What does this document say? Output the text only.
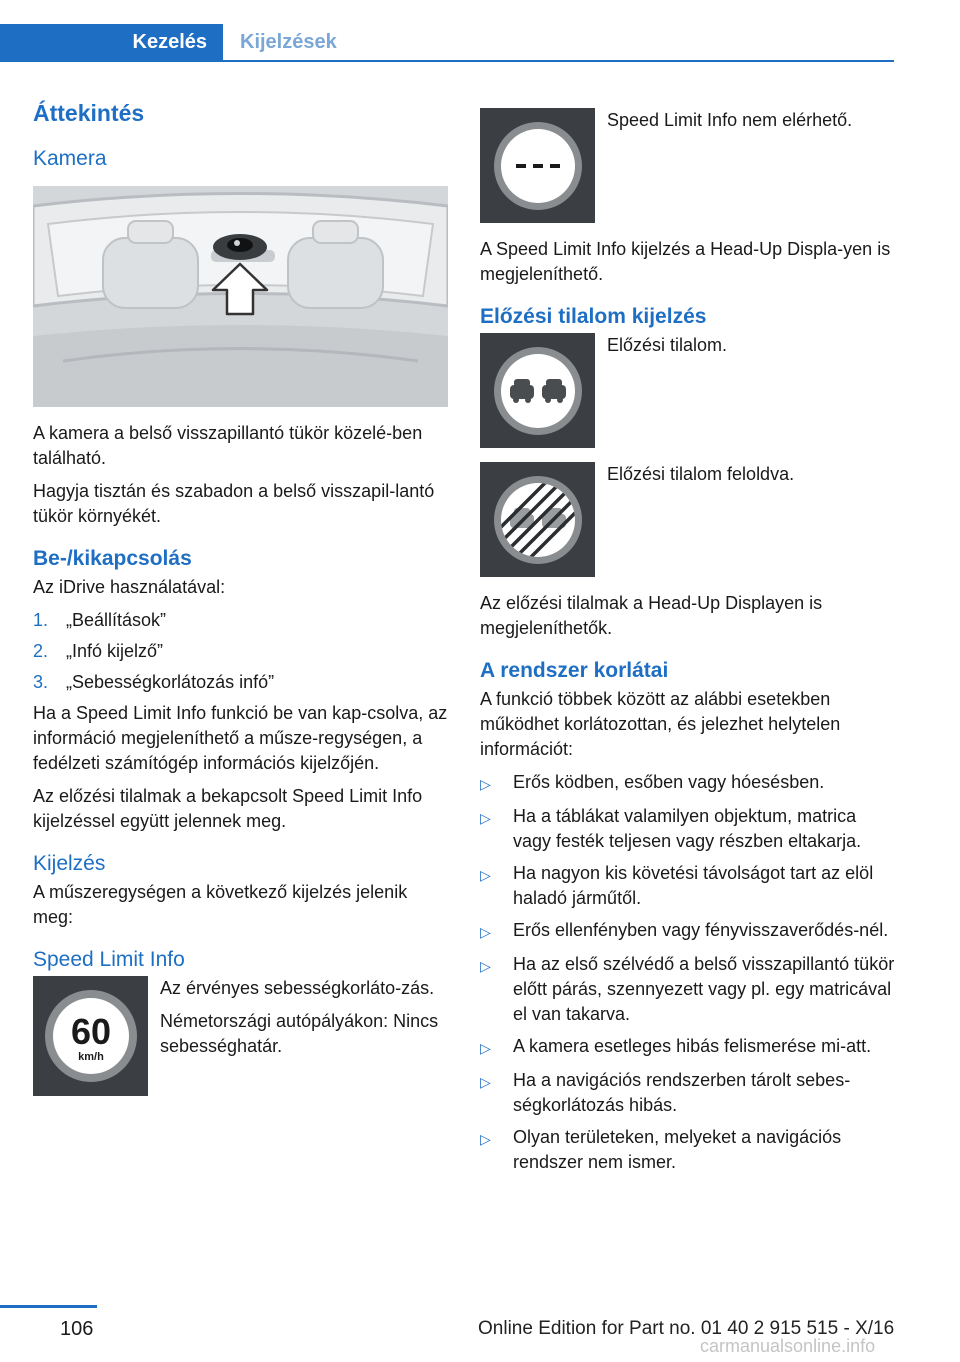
Kezelés	Kijelzések
Áttekintés
Kamera

A kamera a belső visszapillantó tükör közelé-ben található.

Hagyja tisztán és szabadon a belső visszapil-lantó tükör környékét.

Be-/kikapcsolás

Az iDrive használatával:

1. „Beállítások”
2. „Infó kijelző”
3. „Sebességkorlátozás infó”

Ha a Speed Limit Info funkció be van kap-csolva, az információ megjeleníthető a műsze-regységen, a fedélzeti számítógép információs kijelzőjén.

Az előzési tilalmak a bekapcsolt Speed Limit Info kijelzéssel együtt jelennek meg.

Kijelzés

A műszeregységen a következő kijelzés jelenik meg:

Speed Limit Info
60
km/h

Az érvényes sebességkorláto-zás.

Németországi autópályákon: Nincs sebességhatár.

Speed Limit Info nem elérhető.

A Speed Limit Info kijelzés a Head-Up Displa-yen is megjeleníthető.

Előzési tilalom kijelzés

Előzési tilalom.

Előzési tilalom feloldva.

Az előzési tilalmak a Head-Up Displayen is megjeleníthetők.

A rendszer korlátai

A funkció többek között az alábbi esetekben működhet korlátozottan, és jelezhet helytelen információt:

▷	Erős ködben, esőben vagy hóesésben.
▷	Ha a táblákat valamilyen objektum, matrica vagy festék teljesen vagy részben eltakarja.
▷	Ha nagyon kis követési távolságot tart az elöl haladó járműtől.
▷	Erős ellenfényben vagy fényvisszaverődés-nél.
▷	Ha az első szélvédő a belső visszapillantó tükör előtt párás, szennyezett vagy pl. egy matricával el van takarva.
▷	A kamera esetleges hibás felismerése mi-att.
▷	Ha a navigációs rendszerben tárolt sebes-ségkorlátozás hibás.
▷	Olyan területeken, melyeket a navigációs rendszer nem ismer.
106	Online Edition for Part no. 01 40 2 915 515 - X/16
carmanualsonline.info
